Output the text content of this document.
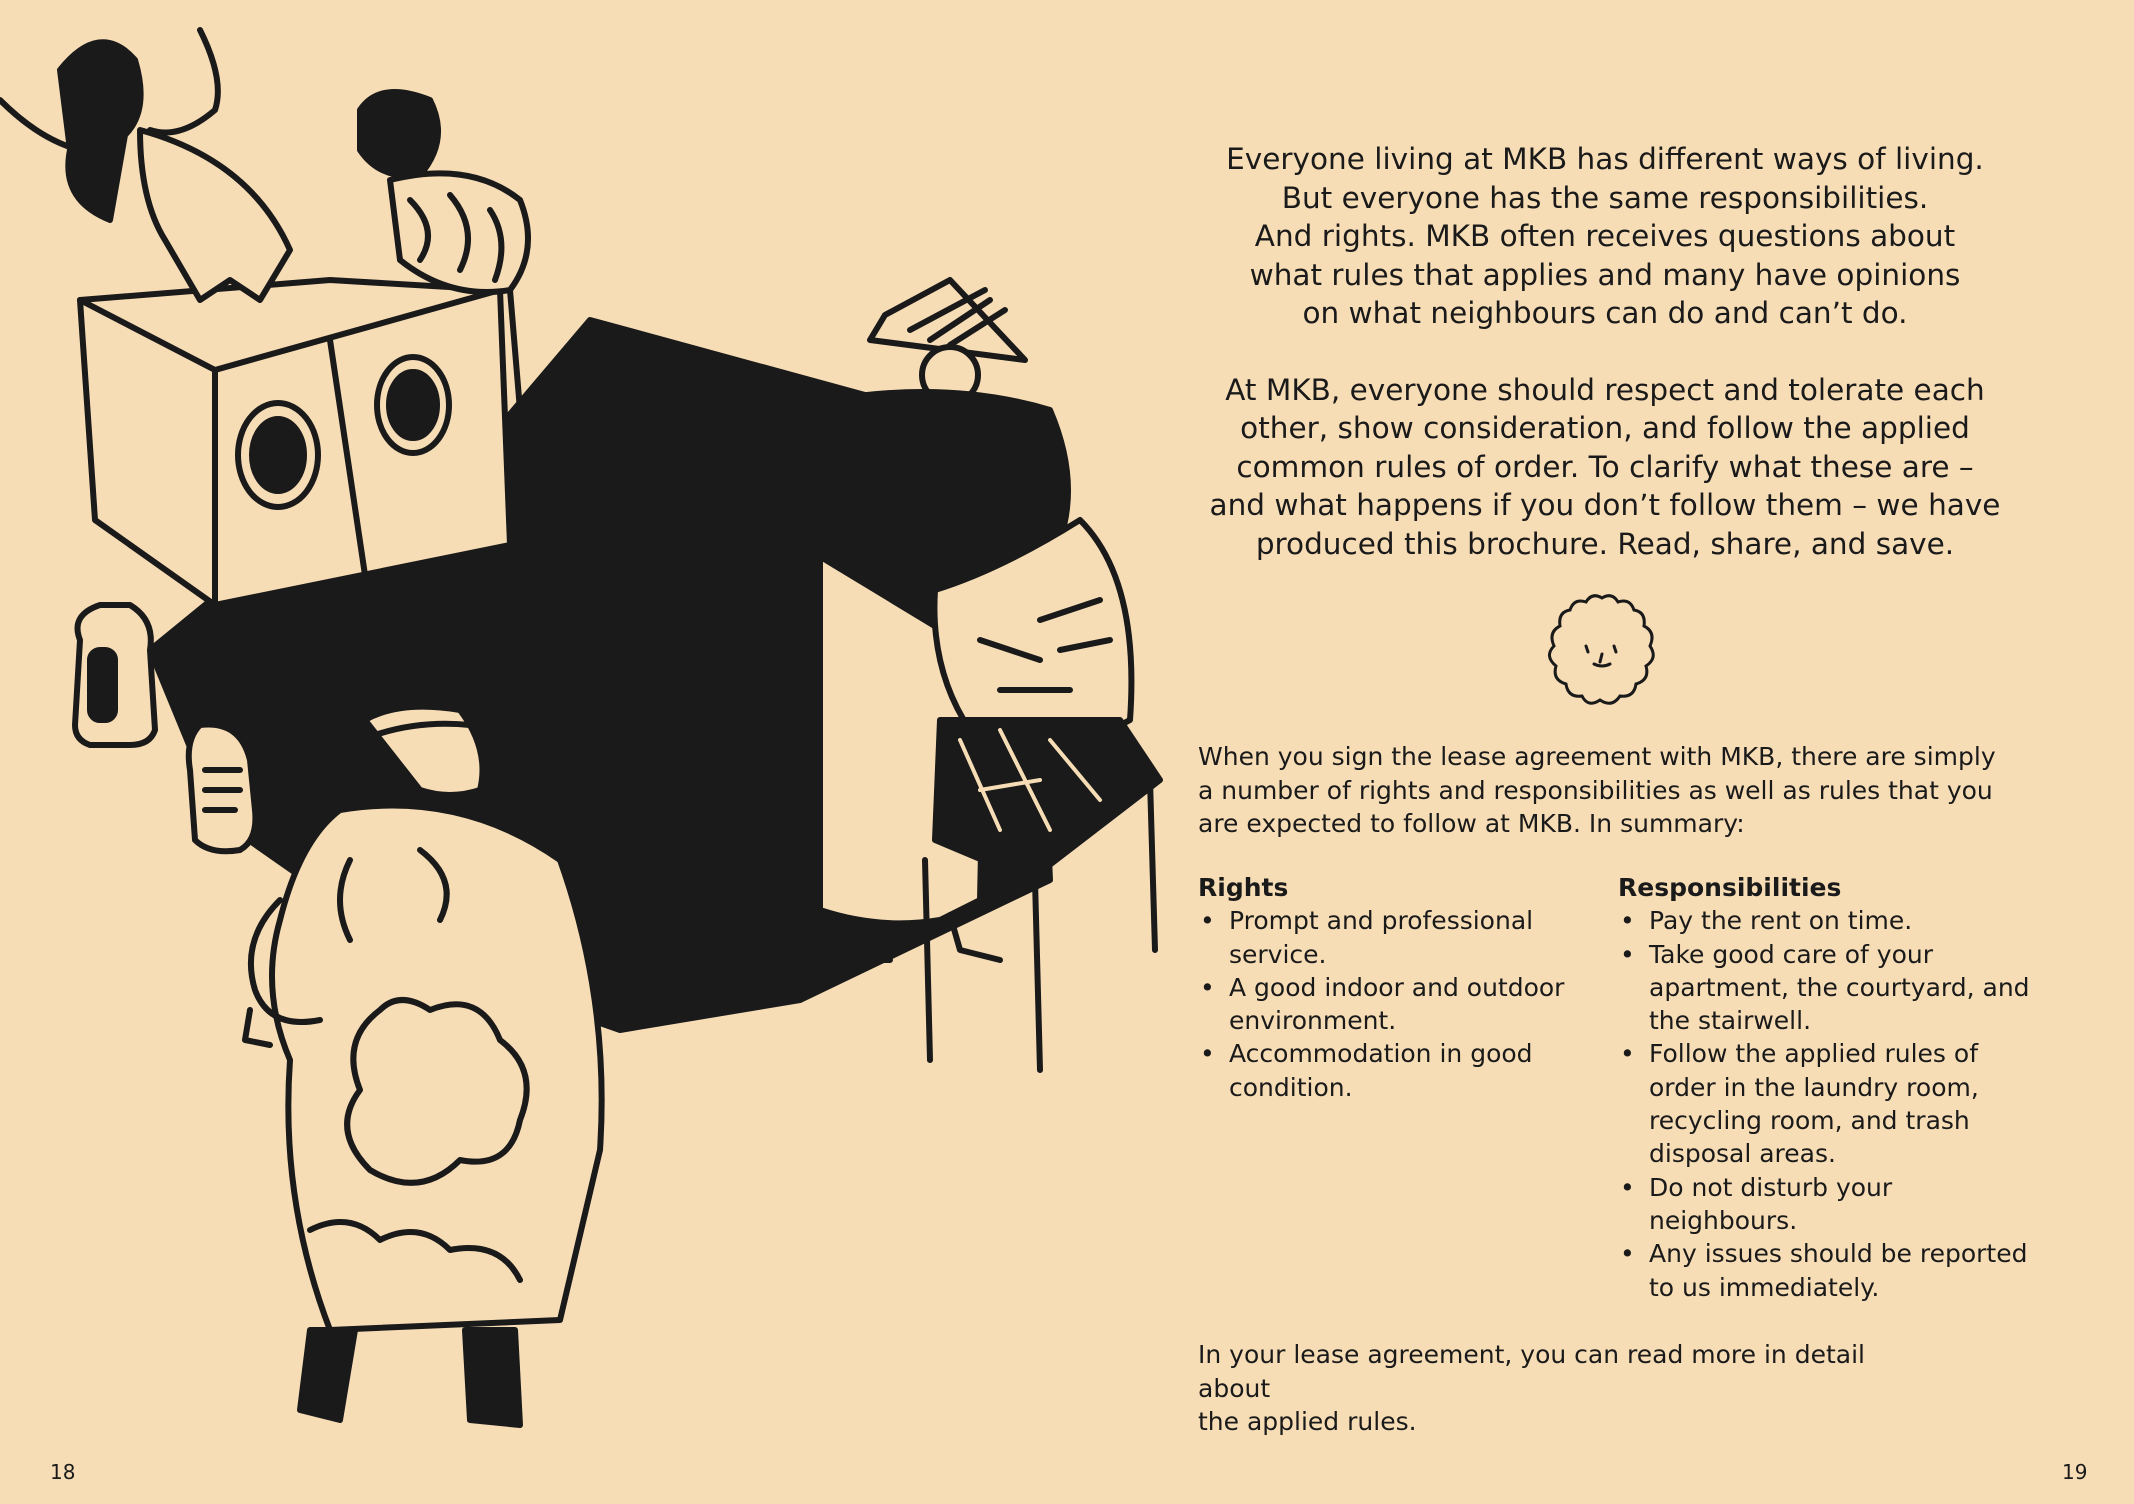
Everyone living at MKB has different ways of living.
But everyone has the same responsibilities.
And rights. MKB often receives questions about
what rules that applies and many have opinions
on what neighbours can do and can’t do.

At MKB, everyone should respect and tolerate each
other, show consideration, and follow the applied
common rules of order. To clarify what these are –
and what happens if you don’t follow them – we have
produced this brochure. Read, share, and save.

When you sign the lease agreement with MKB, there are simply
a number of rights and responsibilities as well as rules that you
are expected to follow at MKB. In summary:

Rights
• Prompt and professional service.
• A good indoor and outdoor environment.
• Accommodation in good condition.
Responsibilities
• Pay the rent on time.
• Take good care of your apartment, the courtyard, and the stairwell.
• Follow the applied rules of order in the laundry room, recycling room, and trash disposal areas.
• Do not disturb your neighbours.
• Any issues should be reported to us immediately.
In your lease agreement, you can read more in detail about
the applied rules.
18	19
